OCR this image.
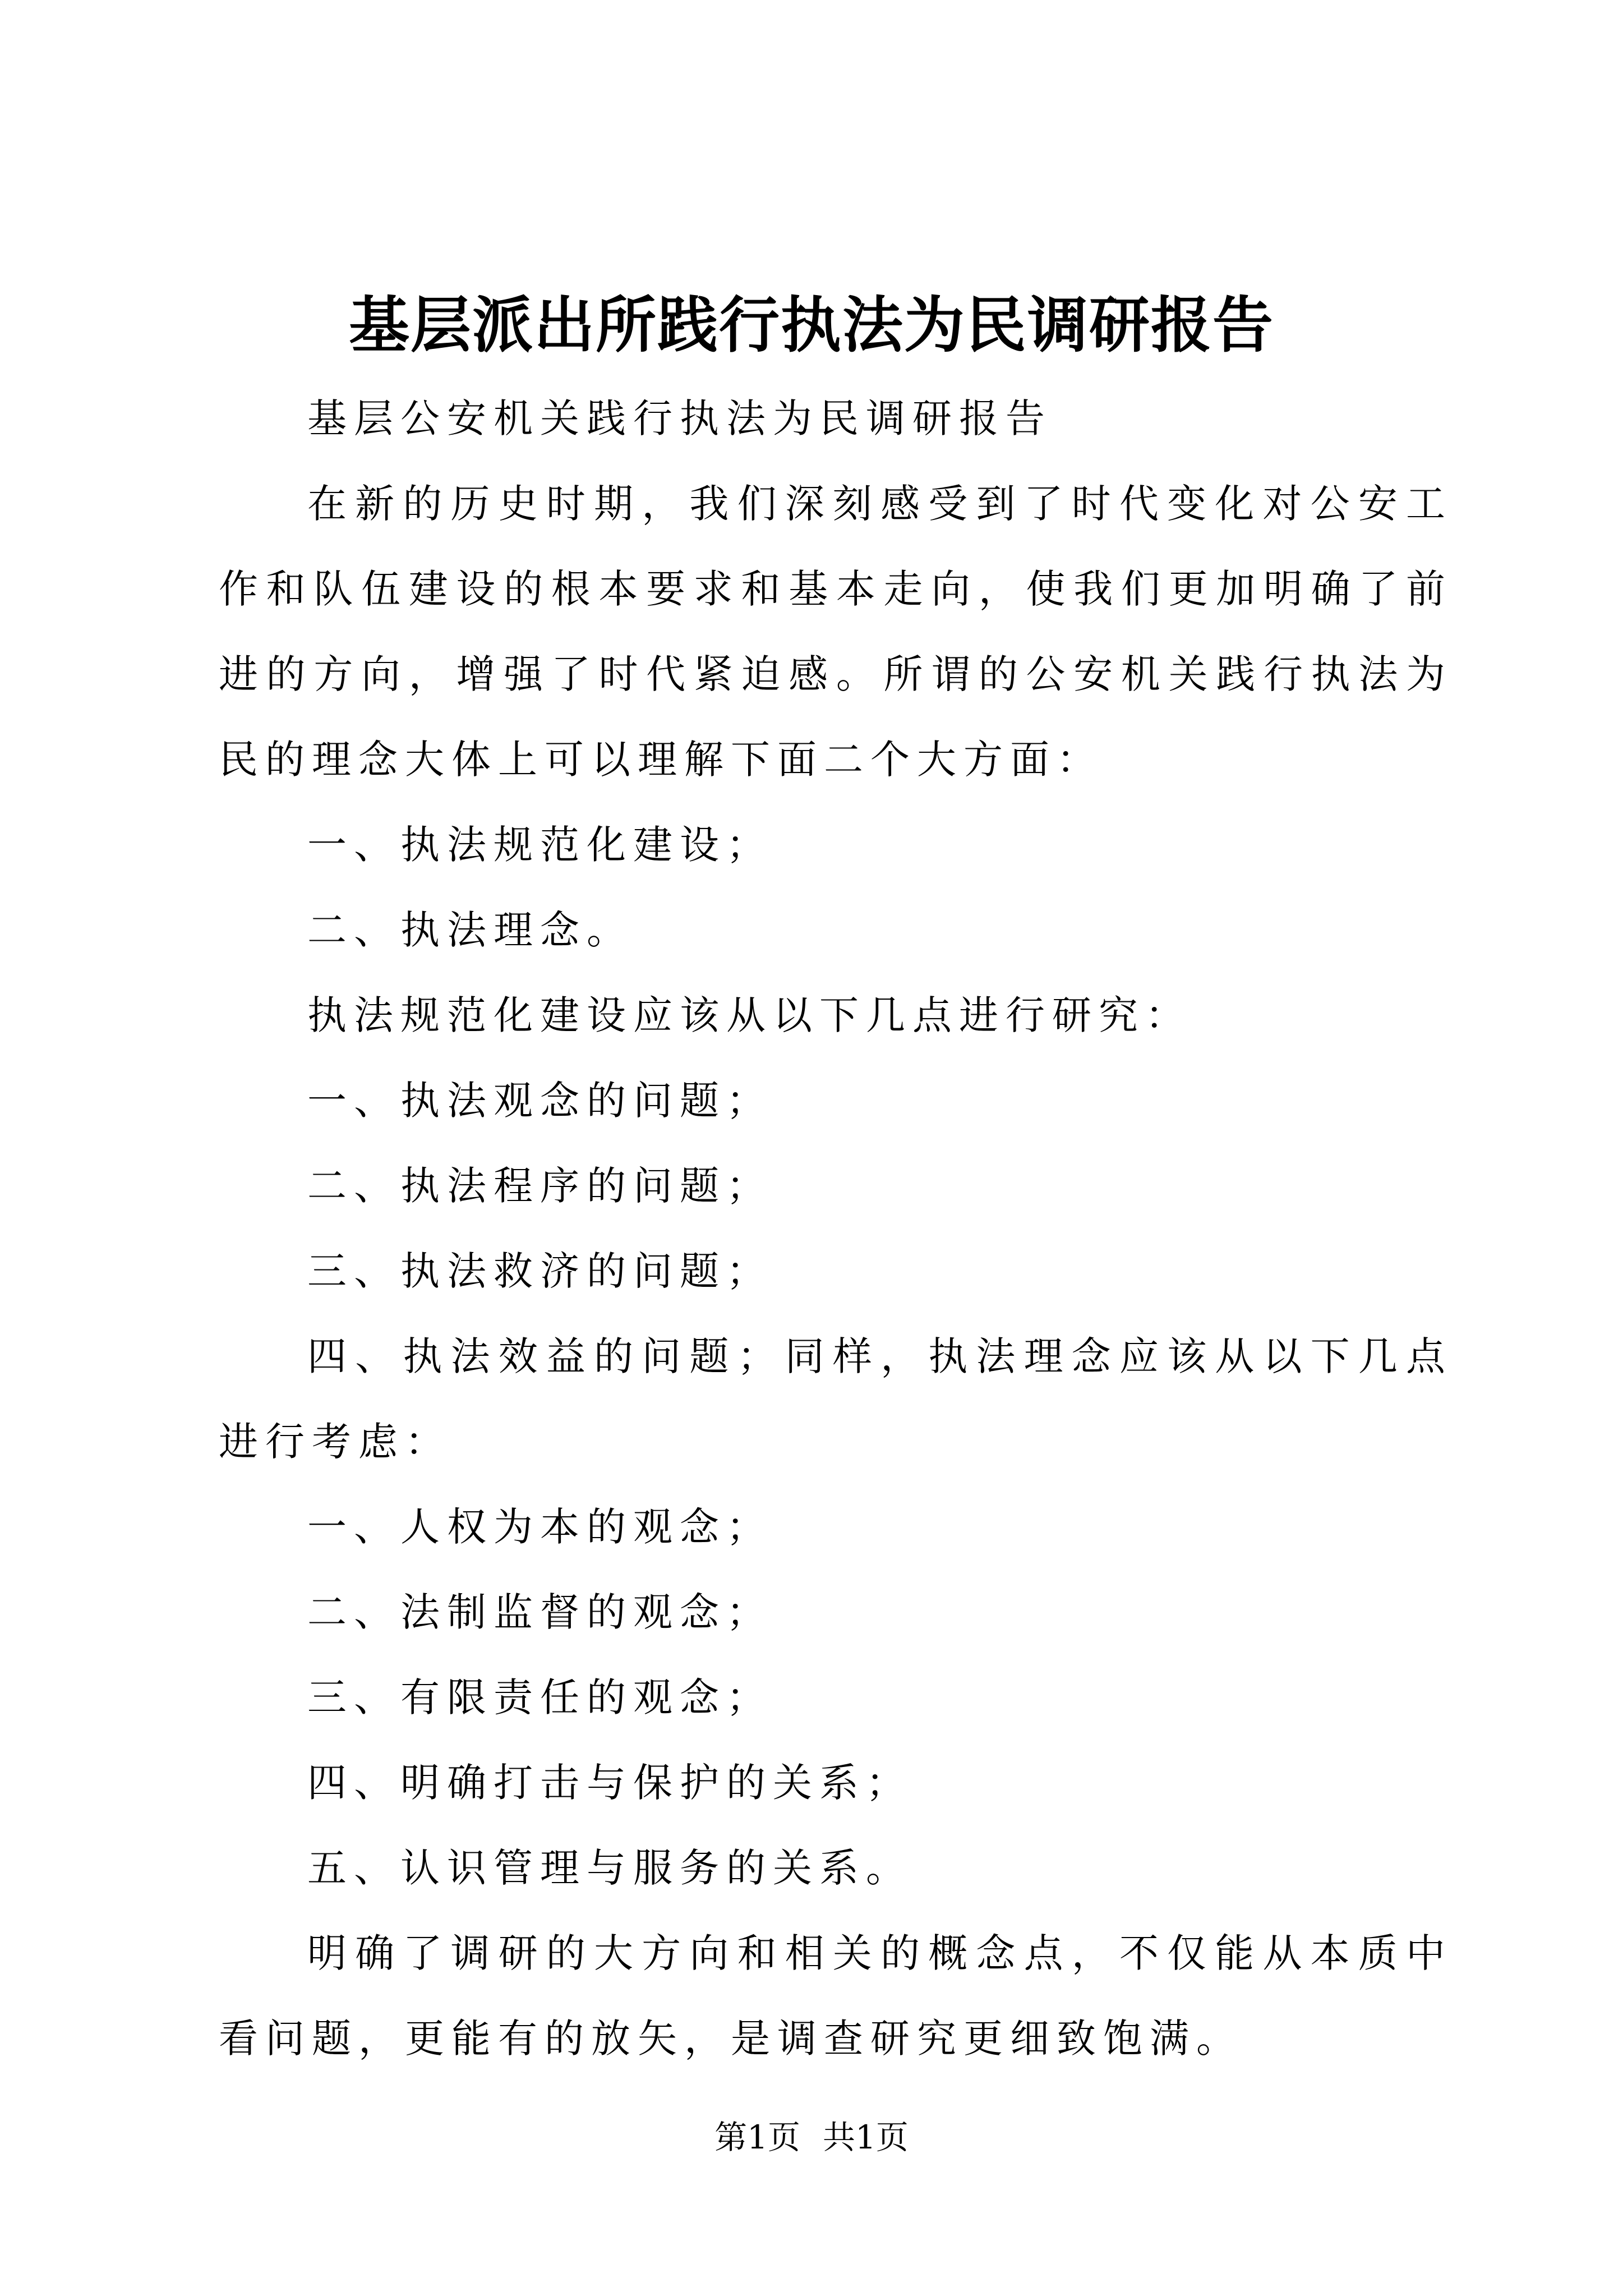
基层派出所践行执法为民调研报告

基层公安机关践行执法为民调研报告

在新的历史时期，我们深刻感受到了时代变化对公安工作和队伍建设的根本要求和基本走向，使我们更加明确了前进的方向，增强了时代紧迫感。所谓的公安机关践行执法为民的理念大体上可以理解下面二个大方面：

一、执法规范化建设；

二、执法理念。

执法规范化建设应该从以下几点进行研究：

一、执法观念的问题；

二、执法程序的问题；

三、执法救济的问题；

四、执法效益的问题；同样，执法理念应该从以下几点进行考虑：

一、人权为本的观念；

二、法制监督的观念；

三、有限责任的观念；

四、明确打击与保护的关系；

五、认识管理与服务的关系。

明确了调研的大方向和相关的概念点，不仅能从本质中看问题，更能有的放矢，是调查研究更细致饱满。

第1页 共1页
